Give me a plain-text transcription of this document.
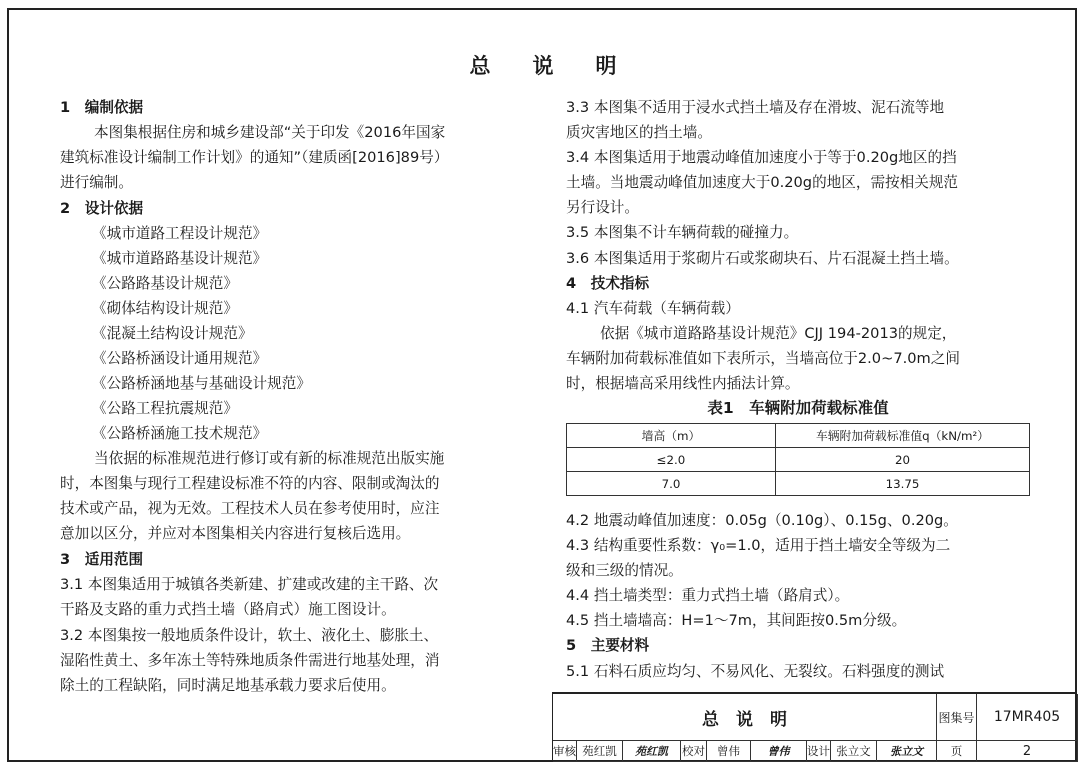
总 说 明
1　编制依据
本图集根据住房和城乡建设部“关于印发《2016年国家
建筑标准设计编制工作计划》的通知”（建质函[2016]89号）
进行编制。
2　设计依据
《城市道路工程设计规范》
《城市道路路基设计规范》
《公路路基设计规范》
《砌体结构设计规范》
《混凝土结构设计规范》
《公路桥涵设计通用规范》
《公路桥涵地基与基础设计规范》
《公路工程抗震规范》
《公路桥涵施工技术规范》
当依据的标准规范进行修订或有新的标准规范出版实施
时，本图集与现行工程建设标准不符的内容、限制或淘汰的
技术或产品，视为无效。工程技术人员在参考使用时，应注
意加以区分，并应对本图集相关内容进行复核后选用。
3　适用范围
3.1 本图集适用于城镇各类新建、扩建或改建的主干路、次
干路及支路的重力式挡土墙（路肩式）施工图设计。
3.2 本图集按一般地质条件设计，软土、液化土、膨胀土、
湿陷性黄土、多年冻土等特殊地质条件需进行地基处理，消
除土的工程缺陷，同时满足地基承载力要求后使用。
3.3 本图集不适用于浸水式挡土墙及存在滑坡、泥石流等地
质灾害地区的挡土墙。
3.4 本图集适用于地震动峰值加速度小于等于0.20g地区的挡
土墙。当地震动峰值加速度大于0.20g的地区，需按相关规范
另行设计。
3.5 本图集不计车辆荷载的碰撞力。
3.6 本图集适用于浆砌片石或浆砌块石、片石混凝土挡土墙。
4　技术指标
4.1 汽车荷载（车辆荷载）
依据《城市道路路基设计规范》CJJ 194-2013的规定，
车辆附加荷载标准值如下表所示，当墙高位于2.0~7.0m之间
时，根据墙高采用线性内插法计算。
表1　车辆附加荷载标准值
墙高（m）	车辆附加荷载标准值q（kN/m²）
≤2.0	20
7.0	13.75
4.2 地震动峰值加速度：0.05g（0.10g）、0.15g、0.20g。
4.3 结构重要性系数：γ₀=1.0，适用于挡土墙安全等级为二
级和三级的情况。
4.4 挡土墙类型：重力式挡土墙（路肩式）。
4.5 挡土墙墙高：H=1～7m，其间距按0.5m分级。
5　主要材料
5.1 石料石质应均匀、不易风化、无裂纹。石料强度的测试
总　说　明	图集号	17MR405
审核 苑红凯	苑红凯	校对	曾伟	曾伟	设计 张立文	张立文	页	2
